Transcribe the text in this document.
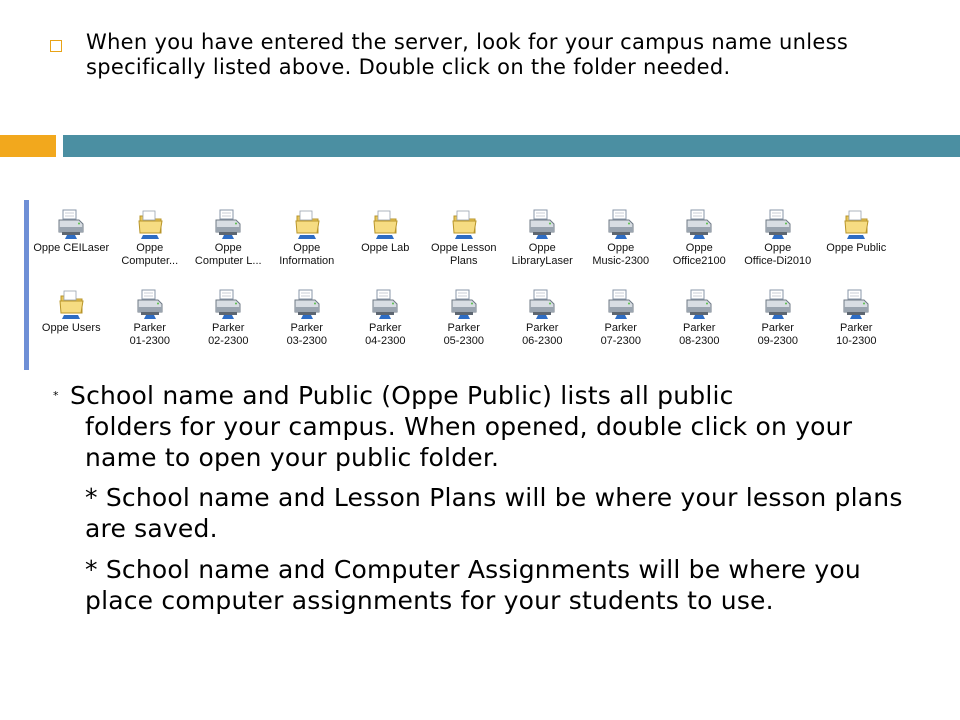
When you have entered the server, look for your campus name unless specifically listed above. Double click on the folder needed.
Oppe CEILaser	Oppe
Computer...
Oppe
Computer L...
Oppe
Information
Oppe Lab	Oppe Lesson
Plans
Oppe
LibraryLaser
Oppe
Music-2300
Oppe
Office2100
Oppe
Office-Di2010
Oppe Public
Oppe Users	Parker
01-2300
Parker
02-2300
Parker
03-2300
Parker
04-2300
Parker
05-2300
Parker
06-2300
Parker
07-2300
Parker
08-2300
Parker
09-2300
Parker
10-2300
* School name and Public (Oppe Public) lists all public
folders for your campus. When opened, double click on your name to open your public folder.
* School name and Lesson Plans will be where your lesson plans are saved.
* School name and Computer Assignments will be where you place computer assignments for your students to use.
